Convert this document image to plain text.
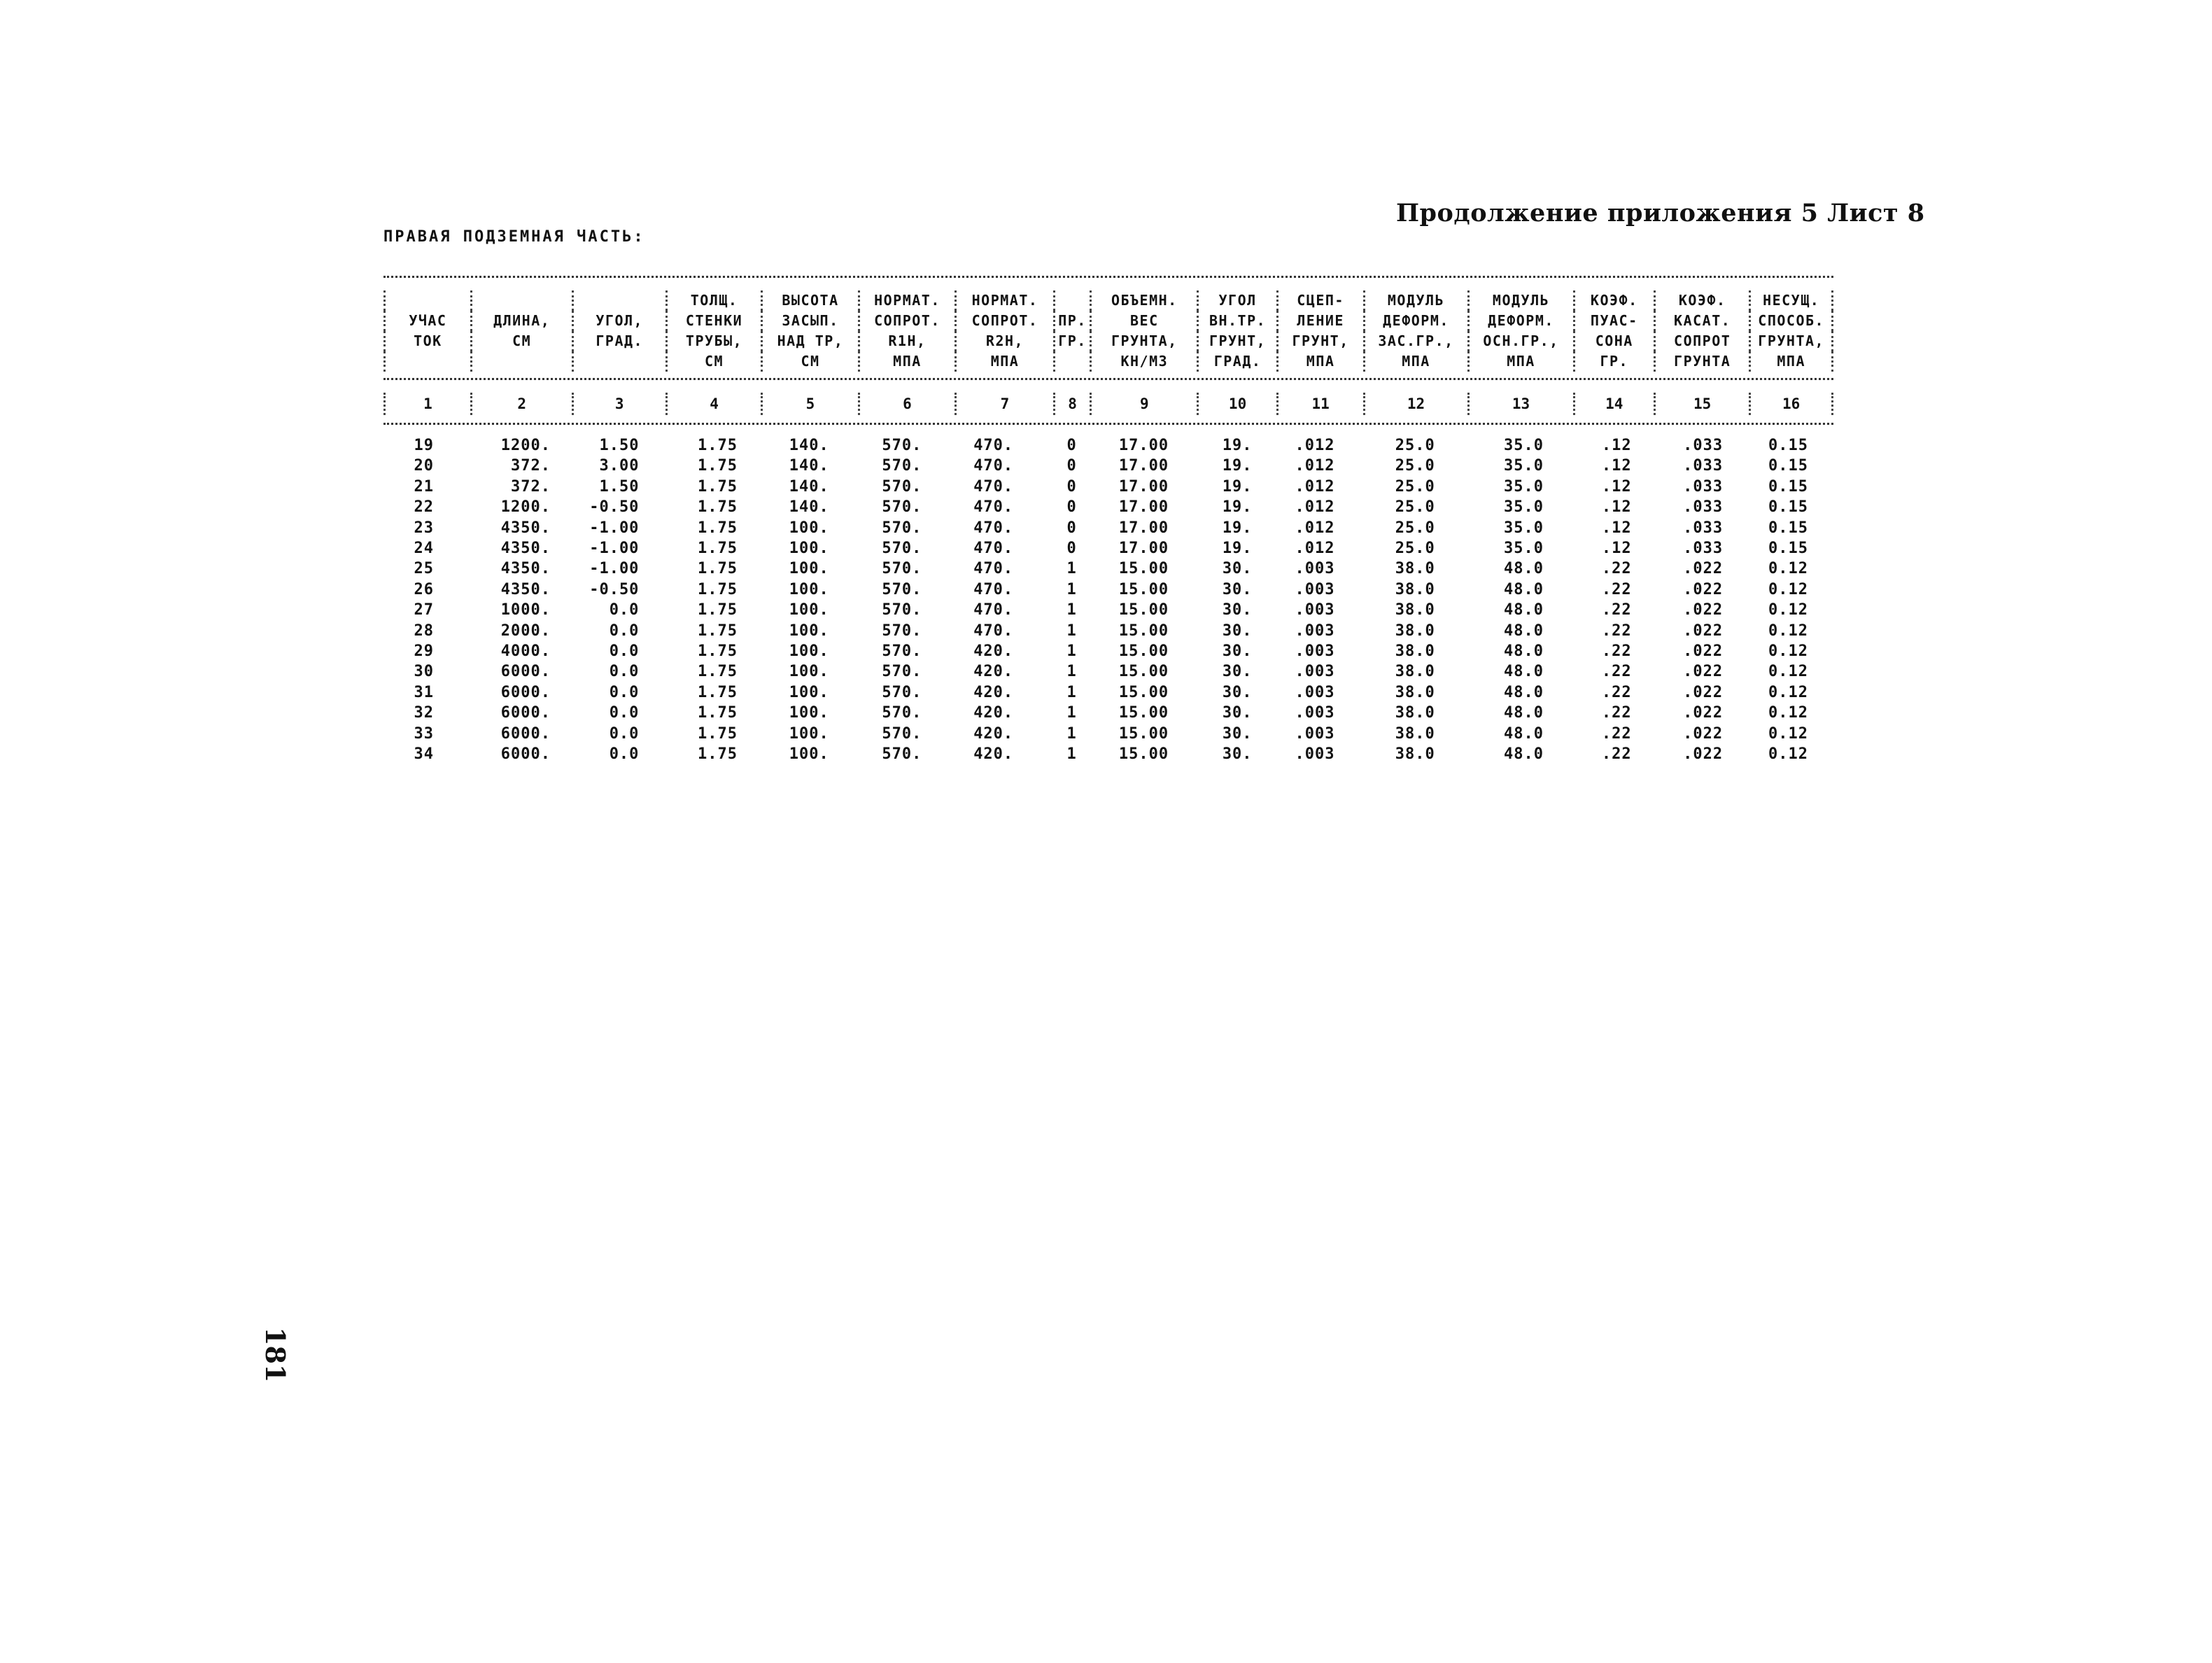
Продолжение приложения 5 Лист 8
ПРАВАЯ ПОДЗЕМНАЯ ЧАСТЬ:
			ТОЛЩ.	ВЫСОТА	НОРМАТ.	НОРМАТ.		ОБЪЕМН.	УГОЛ	СЦЕП-	МОДУЛЬ	МОДУЛЬ	КОЭФ.	КОЭФ.	НЕСУЩ.
УЧАС	ДЛИНА,	УГОЛ,	СТЕНКИ	ЗАСЫП.	СОПРОТ.	СОПРОТ.	ПР.	ВЕС	ВН.ТР.	ЛЕНИЕ	ДЕФОРМ.	ДЕФОРМ.	ПУАС-	КАСАТ.	СПОСОБ.
ТОК	СМ	ГРАД.	ТРУБЫ,	НАД ТР,	R1Н,	R2Н,	ГР.	ГРУНТА,	ГРУНТ,	ГРУНТ,	ЗАС.ГР.,	ОСН.ГР.,	СОНА	СОПРОТ	ГРУНТА,
			СМ	СМ	МПА	МПА		КН/М3	ГРАД.	МПА	МПА	МПА	ГР.	ГРУНТА	МПА
1	2	3	4	5	6	7	8	9	10	11	12	13	14	15	16
19	1200.	1.50	1.75	140.	570.	470.	0	17.00	19.	.012	25.0	35.0	.12	.033	0.15
20	372.	3.00	1.75	140.	570.	470.	0	17.00	19.	.012	25.0	35.0	.12	.033	0.15
21	372.	1.50	1.75	140.	570.	470.	0	17.00	19.	.012	25.0	35.0	.12	.033	0.15
22	1200.	-0.50	1.75	140.	570.	470.	0	17.00	19.	.012	25.0	35.0	.12	.033	0.15
23	4350.	-1.00	1.75	100.	570.	470.	0	17.00	19.	.012	25.0	35.0	.12	.033	0.15
24	4350.	-1.00	1.75	100.	570.	470.	0	17.00	19.	.012	25.0	35.0	.12	.033	0.15
25	4350.	-1.00	1.75	100.	570.	470.	1	15.00	30.	.003	38.0	48.0	.22	.022	0.12
26	4350.	-0.50	1.75	100.	570.	470.	1	15.00	30.	.003	38.0	48.0	.22	.022	0.12
27	1000.	0.0	1.75	100.	570.	470.	1	15.00	30.	.003	38.0	48.0	.22	.022	0.12
28	2000.	0.0	1.75	100.	570.	470.	1	15.00	30.	.003	38.0	48.0	.22	.022	0.12
29	4000.	0.0	1.75	100.	570.	420.	1	15.00	30.	.003	38.0	48.0	.22	.022	0.12
30	6000.	0.0	1.75	100.	570.	420.	1	15.00	30.	.003	38.0	48.0	.22	.022	0.12
31	6000.	0.0	1.75	100.	570.	420.	1	15.00	30.	.003	38.0	48.0	.22	.022	0.12
32	6000.	0.0	1.75	100.	570.	420.	1	15.00	30.	.003	38.0	48.0	.22	.022	0.12
33	6000.	0.0	1.75	100.	570.	420.	1	15.00	30.	.003	38.0	48.0	.22	.022	0.12
34	6000.	0.0	1.75	100.	570.	420.	1	15.00	30.	.003	38.0	48.0	.22	.022	0.12
181
